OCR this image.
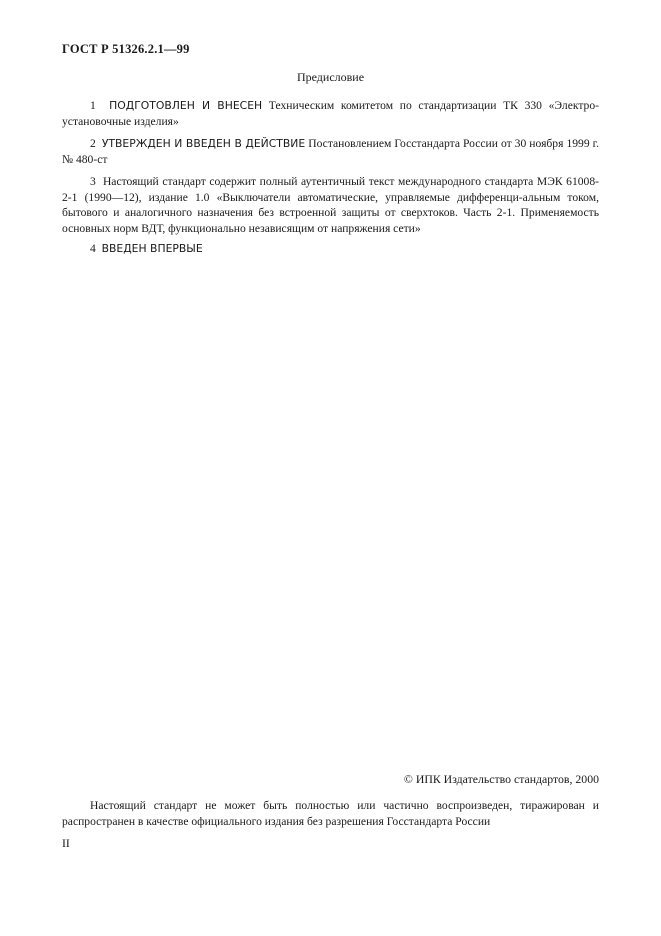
ГОСТ Р 51326.2.1—99
Предисловие
1 ПОДГОТОВЛЕН И ВНЕСЕН Техническим комитетом по стандартизации ТК 330 «Электро-установочные изделия»
2 УТВЕРЖДЕН И ВВЕДЕН В ДЕЙСТВИЕ Постановлением Госстандарта России от 30 ноября 1999 г. № 480-ст
3 Настоящий стандарт содержит полный аутентичный текст международного стандарта МЭК 61008-2-1 (1990—12), издание 1.0 «Выключатели автоматические, управляемые дифференци-альным током, бытового и аналогичного назначения без встроенной защиты от сверхтоков. Часть 2-1. Применяемость основных норм ВДТ, функционально независящим от напряжения сети»
4 ВВЕДЕН ВПЕРВЫЕ
© ИПК Издательство стандартов, 2000
Настоящий стандарт не может быть полностью или частично воспроизведен, тиражирован и распространен в качестве официального издания без разрешения Госстандарта России
II
